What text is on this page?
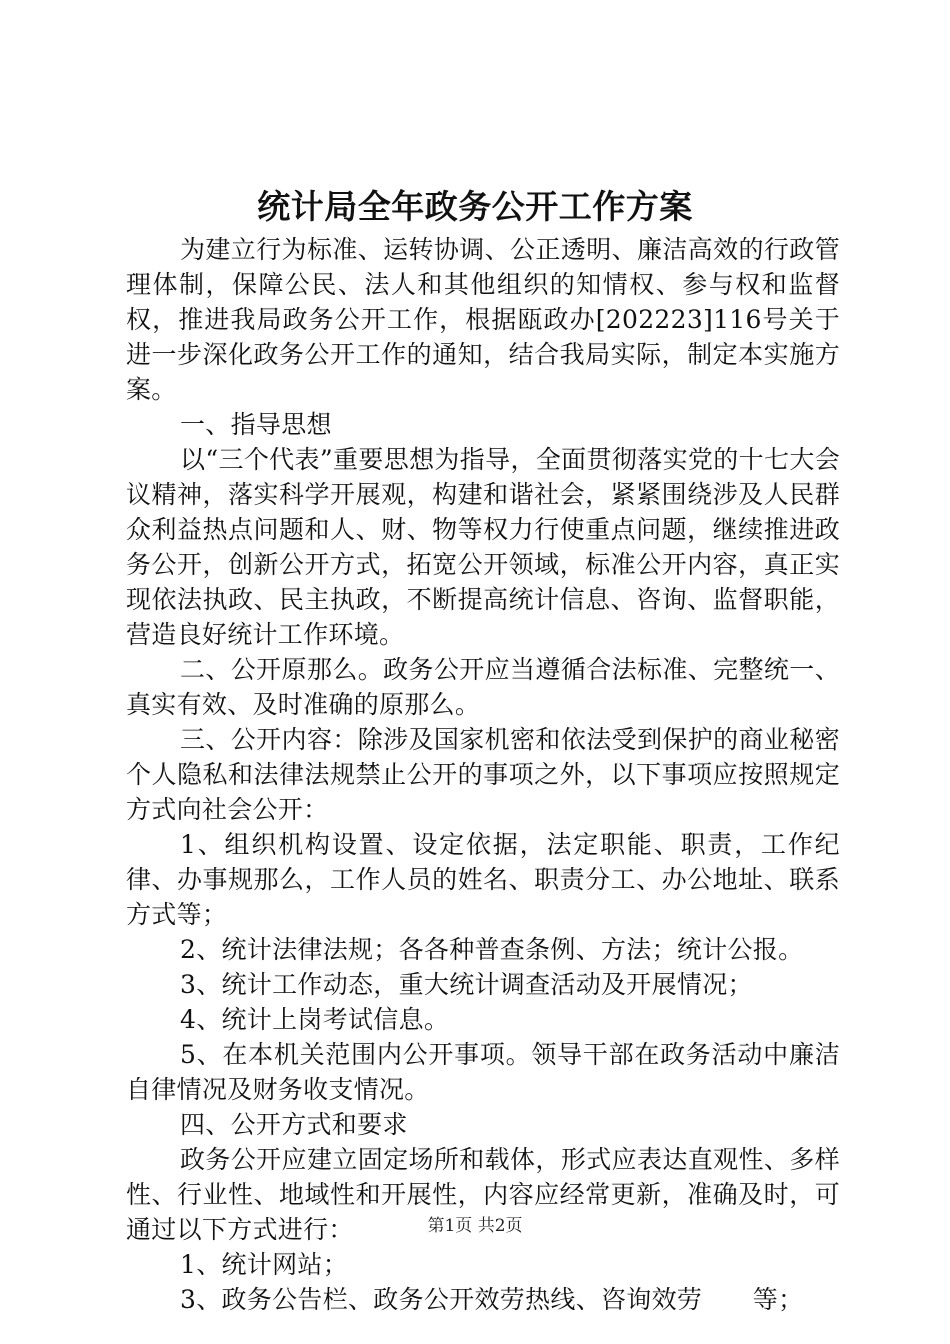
统计局全年政务公开工作方案

为建立行为标准、运转协调、公正透明、廉洁高效的行政管理体制，保障公民、法人和其他组织的知情权、参与权和监督权，推进我局政务公开工作，根据瓯政办[202223]116号关于进一步深化政务公开工作的通知，结合我局实际，制定本实施方案。

一、指导思想

以“三个代表”重要思想为指导，全面贯彻落实党的十七大会议精神，落实科学开展观，构建和谐社会，紧紧围绕涉及人民群众利益热点问题和人、财、物等权力行使重点问题，继续推进政务公开，创新公开方式，拓宽公开领域，标准公开内容，真正实现依法执政、民主执政，不断提高统计信息、咨询、监督职能，营造良好统计工作环境。

二、公开原那么。政务公开应当遵循合法标准、完整统一、真实有效、及时准确的原那么。

三、公开内容：除涉及国家机密和依法受到保护的商业秘密个人隐私和法律法规禁止公开的事项之外，以下事项应按照规定方式向社会公开：

1、组织机构设置、设定依据，法定职能、职责，工作纪律、办事规那么，工作人员的姓名、职责分工、办公地址、联系方式等；

2、统计法律法规；各各种普查条例、方法；统计公报。

3、统计工作动态，重大统计调查活动及开展情况；

4、统计上岗考试信息。

5、在本机关范围内公开事项。领导干部在政务活动中廉洁自律情况及财务收支情况。

四、公开方式和要求

政务公开应建立固定场所和载体，形式应表达直观性、多样性、行业性、地域性和开展性，内容应经常更新，准确及时，可通过以下方式进行：

1、统计网站；

3、政务公告栏、政务公开效劳热线、咨询效劳　　等；

第1页 共2页
